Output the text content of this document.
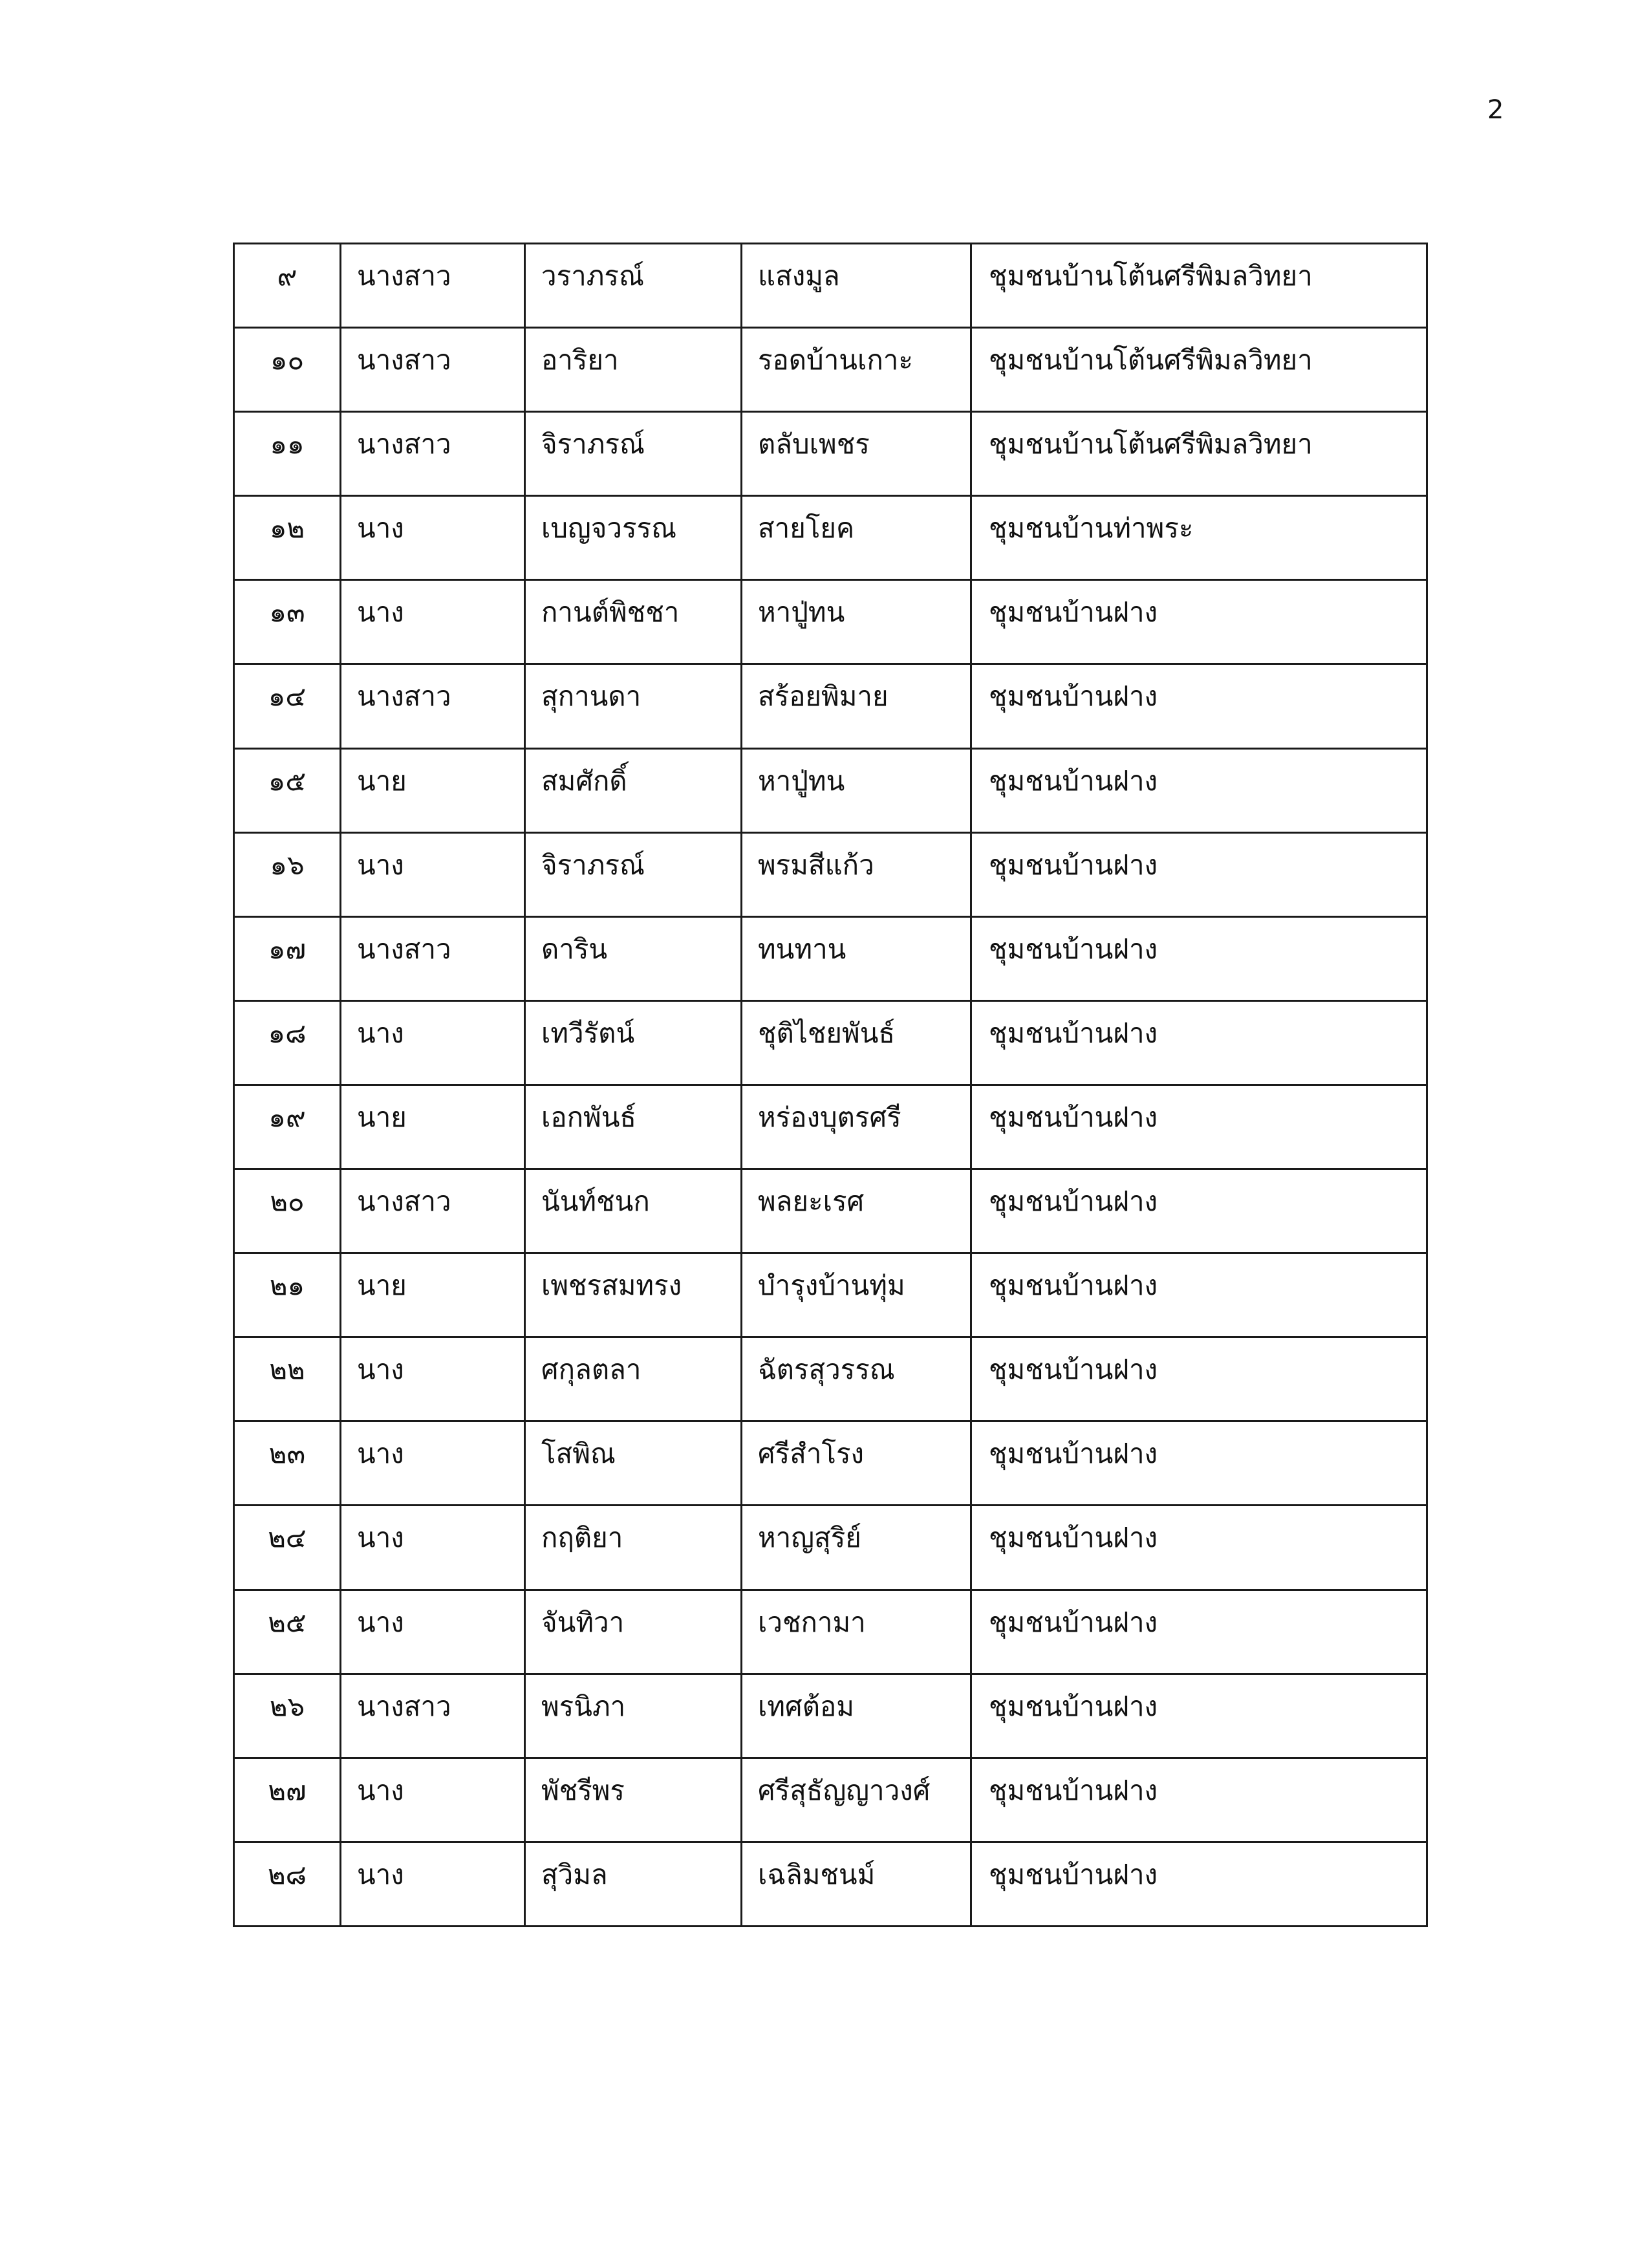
2
๙	นางสาว	วราภรณ์	แสงมูล	ชุมชนบ้านโต้นศรีพิมลวิทยา
๑๐	นางสาว	อาริยา	รอดบ้านเกาะ	ชุมชนบ้านโต้นศรีพิมลวิทยา
๑๑	นางสาว	จิราภรณ์	ตลับเพชร	ชุมชนบ้านโต้นศรีพิมลวิทยา
๑๒	นาง	เบญจวรรณ	สายโยค	ชุมชนบ้านท่าพระ
๑๓	นาง	กานต์พิชชา	หาปู่ทน	ชุมชนบ้านฝาง
๑๔	นางสาว	สุกานดา	สร้อยพิมาย	ชุมชนบ้านฝาง
๑๕	นาย	สมศักดิ์	หาปู่ทน	ชุมชนบ้านฝาง
๑๖	นาง	จิราภรณ์	พรมสีแก้ว	ชุมชนบ้านฝาง
๑๗	นางสาว	ดาริน	ทนทาน	ชุมชนบ้านฝาง
๑๘	นาง	เทวีรัตน์	ชุติไชยพันธ์	ชุมชนบ้านฝาง
๑๙	นาย	เอกพันธ์	หร่องบุตรศรี	ชุมชนบ้านฝาง
๒๐	นางสาว	นันท์ชนก	พลยะเรศ	ชุมชนบ้านฝาง
๒๑	นาย	เพชรสมทรง	บำรุงบ้านทุ่ม	ชุมชนบ้านฝาง
๒๒	นาง	ศกุลตลา	ฉัตรสุวรรณ	ชุมชนบ้านฝาง
๒๓	นาง	โสพิณ	ศรีสำโรง	ชุมชนบ้านฝาง
๒๔	นาง	กฤติยา	หาญสุริย์	ชุมชนบ้านฝาง
๒๕	นาง	จันทิวา	เวชกามา	ชุมชนบ้านฝาง
๒๖	นางสาว	พรนิภา	เทศต้อม	ชุมชนบ้านฝาง
๒๗	นาง	พัชรีพร	ศรีสุธัญญาวงศ์	ชุมชนบ้านฝาง
๒๘	นาง	สุวิมล	เฉลิมชนม์	ชุมชนบ้านฝาง
